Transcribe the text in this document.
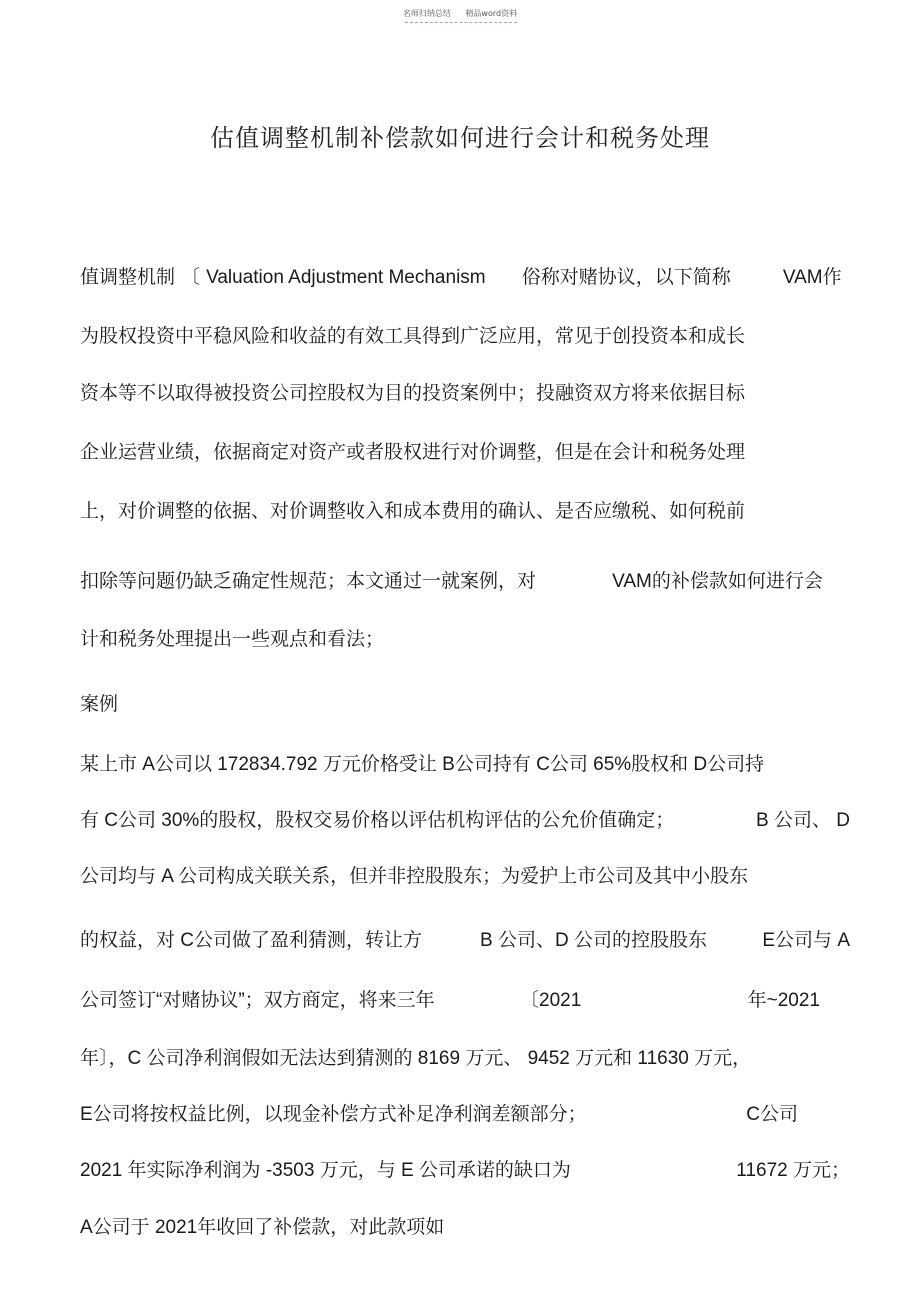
名师归纳总结 精品word资料
估值调整机制补偿款如何进行会计和税务处理
值调整机制 〔 Valuation Adjustment Mechanism 俗称对赌协议，以下简称	VAM作
为股权投资中平稳风险和收益的有效工具得到广泛应用，常见于创投资本和成长
资本等不以取得被投资公司控股权为目的投资案例中；投融资双方将来依据目标
企业运营业绩，依据商定对资产或者股权进行对价调整，但是在会计和税务处理
上，对价调整的依据、对价调整收入和成本费用的确认、是否应缴税、如何税前
扣除等问题仍缺乏确定性规范；本文通过一就案例，对	VAM的补偿款如何进行会
计和税务处理提出一些观点和看法；
案例
某上市 A公司以 172834.792 万元价格受让 B公司持有 C公司 65%股权和 D公司持
有 C公司 30%的股权，股权交易价格以评估机构评估的公允价值确定；	B 公司、 D
公司均与 A 公司构成关联关系，但并非控股股东；为爱护上市公司及其中小股东
的权益，对 C公司做了盈利猜测，转让方	B 公司、D 公司的控股股东	E公司与 A
公司签订“对赌协议”；双方商定，将来三年	〔2021	年~2021
年〕，C 公司净利润假如无法达到猜测的 8169 万元、 9452 万元和 11630 万元，
E公司将按权益比例，以现金补偿方式补足净利润差额部分；	C公司
2021 年实际净利润为 -3503 万元，与 E 公司承诺的缺口为	11672 万元；
A公司于 2021年收回了补偿款，对此款项如
